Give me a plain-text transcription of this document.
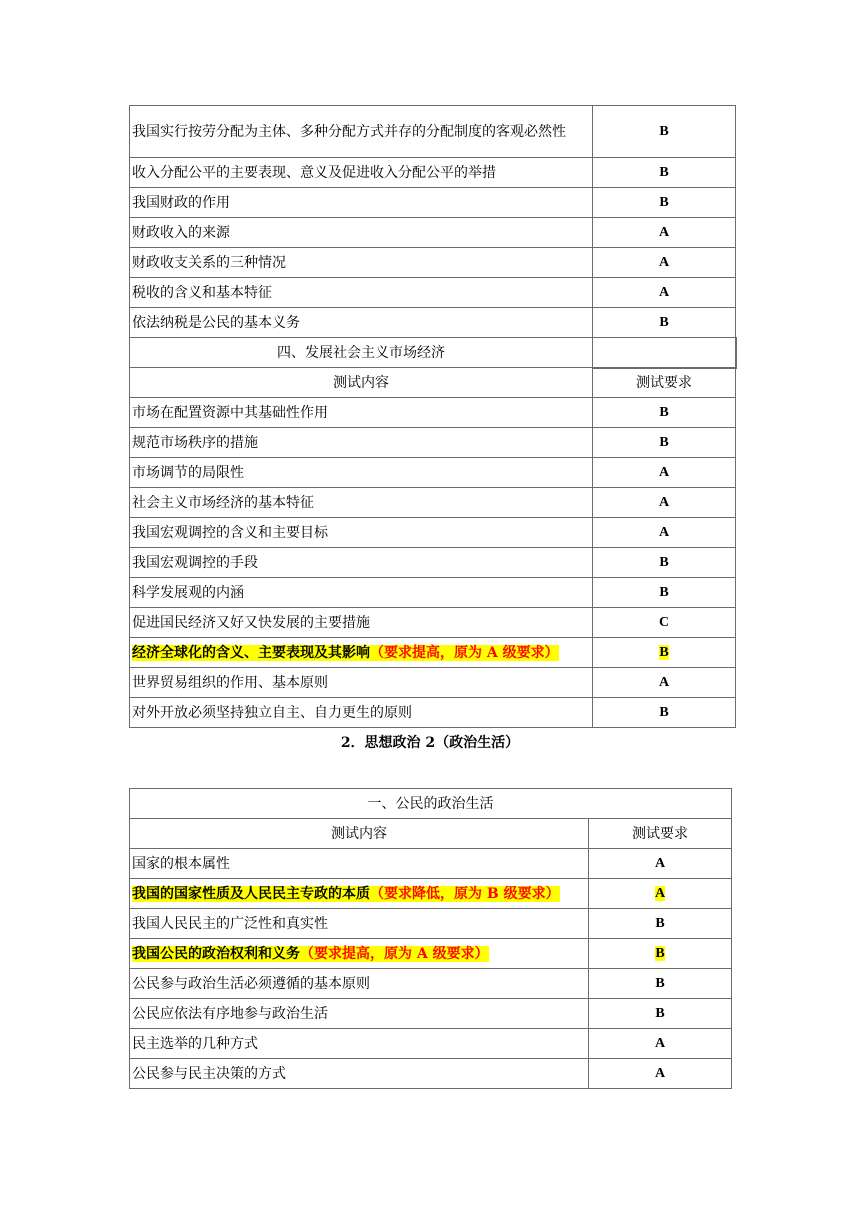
我国实行按劳分配为主体、多种分配方式并存的分配制度的客观必然性	B
收入分配公平的主要表现、意义及促进收入分配公平的举措	B
我国财政的作用	B
财政收入的来源	A
财政收支关系的三种情况	A
税收的含义和基本特征	A
依法纳税是公民的基本义务	B
四、发展社会主义市场经济	
测试内容	测试要求
市场在配置资源中其基础性作用	B
规范市场秩序的措施	B
市场调节的局限性	A
社会主义市场经济的基本特征	A
我国宏观调控的含义和主要目标	A
我国宏观调控的手段	B
科学发展观的内涵	B
促进国民经济又好又快发展的主要措施	C
经济全球化的含义、主要表现及其影响（要求提高，原为 A 级要求）	B
世界贸易组织的作用、基本原则	A
对外开放必须坚持独立自主、自力更生的原则	B
2．思想政治 2（政治生活）
一、公民的政治生活	
测试内容	测试要求
国家的根本属性	A
我国的国家性质及人民民主专政的本质（要求降低，原为 B 级要求）	A
我国人民民主的广泛性和真实性	B
我国公民的政治权利和义务（要求提高，原为 A 级要求）	B
公民参与政治生活必须遵循的基本原则	B
公民应依法有序地参与政治生活	B
民主选举的几种方式	A
公民参与民主决策的方式	A
